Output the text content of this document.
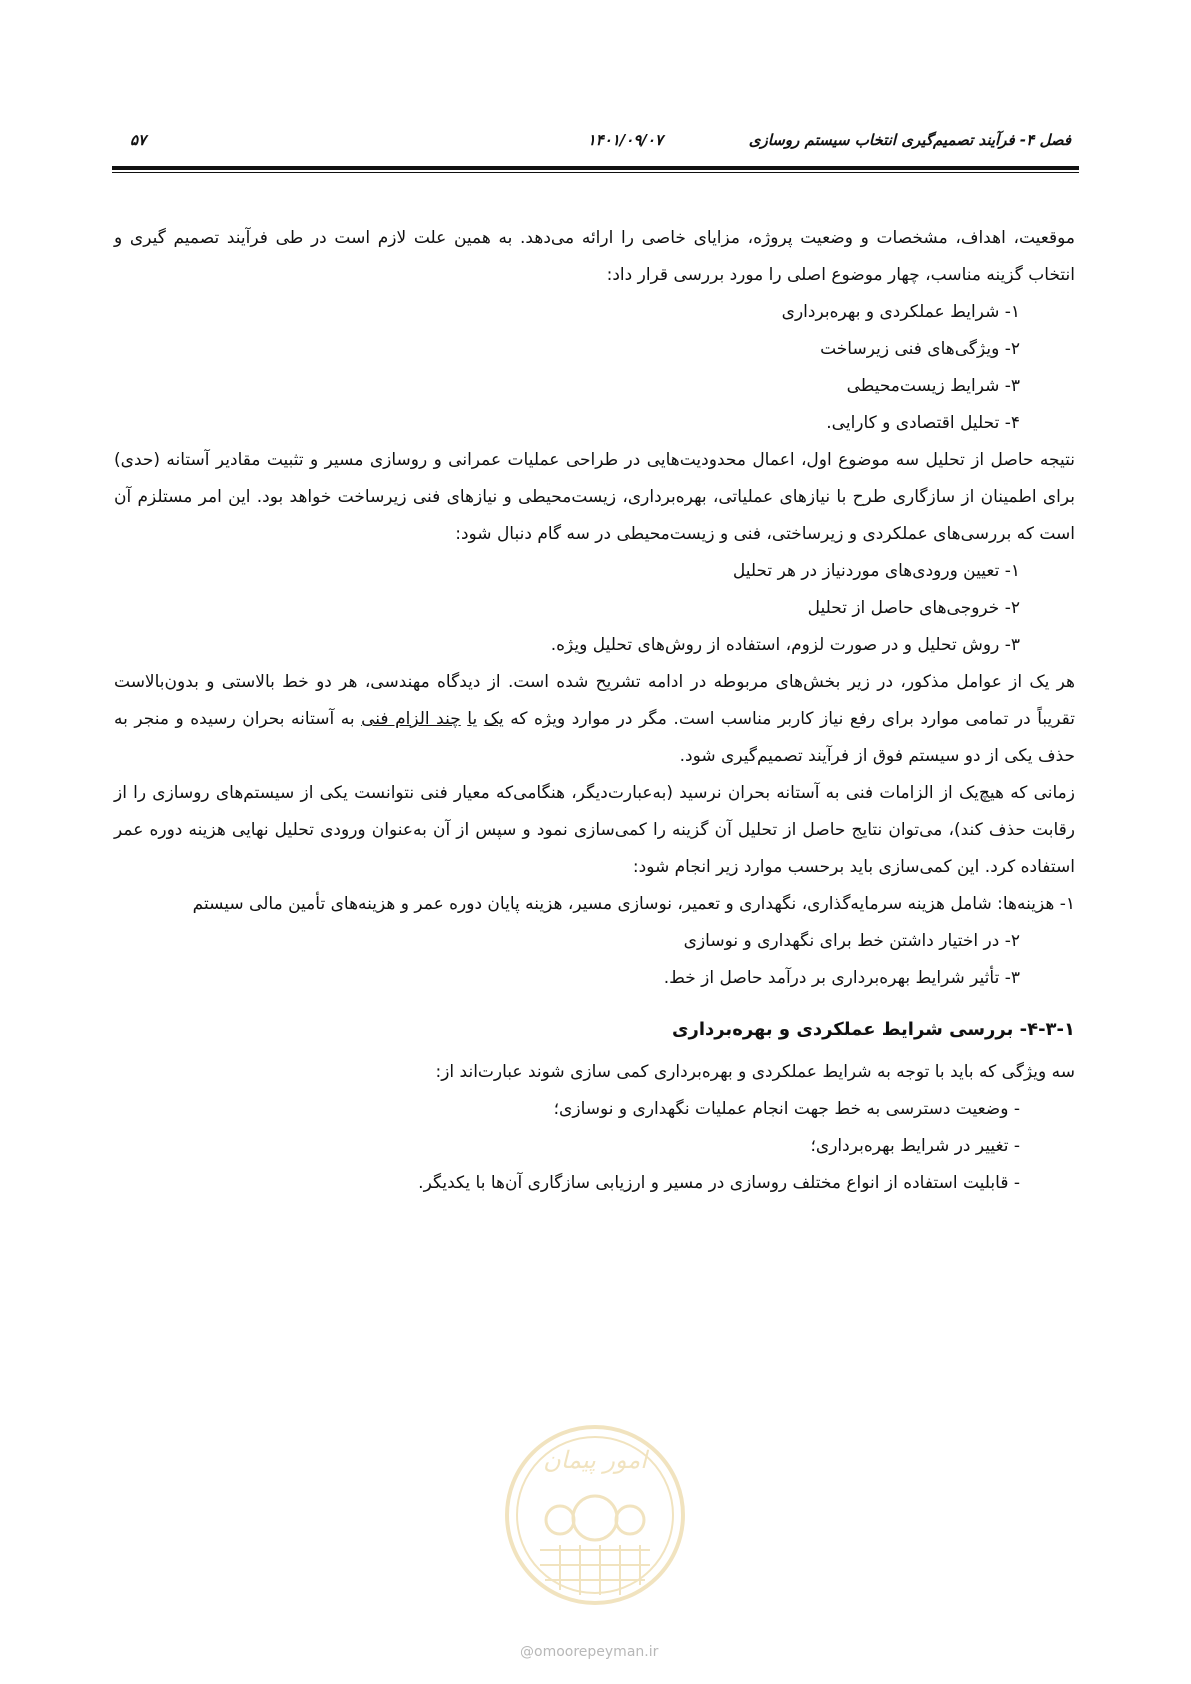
فصل ۴- فرآیند تصمیم‌گیری انتخاب سیستم روسازی
۱۴۰۱/۰۹/۰۷
۵۷

موقعیت، اهداف، مشخصات و وضعیت پروژه، مزایای خاصی را ارائه می‌دهد. به همین علت لازم است در طی فرآیند تصمیم گیری و انتخاب گزینه مناسب، چهار موضوع اصلی را مورد بررسی قرار داد:

۱- شرایط عملکردی و بهره‌برداری

۲- ویژگی‌های فنی زیرساخت

۳- شرایط زیست‌محیطی

۴- تحلیل اقتصادی و کارایی.

نتیجه حاصل از تحلیل سه موضوع اول، اعمال محدودیت‌هایی در طراحی عملیات عمرانی و روسازی مسیر و تثبیت مقادیر آستانه (حدی) برای اطمینان از سازگاری طرح با نیازهای عملیاتی، بهره‌برداری، زیست‌محیطی و نیازهای فنی زیرساخت خواهد بود. این امر مستلزم آن است که بررسی‌های عملکردی و زیرساختی، فنی و زیست‌محیطی در سه گام دنبال شود:

۱- تعیین ورودی‌های موردنیاز در هر تحلیل

۲- خروجی‌های حاصل از تحلیل

۳- روش تحلیل و در صورت لزوم، استفاده از روش‌های تحلیل ویژه.

هر یک از عوامل مذکور، در زیر بخش‌های مربوطه در ادامه تشریح شده است. از دیدگاه مهندسی، هر دو خط بالاستی و بدون‌بالاست تقریباً در تمامی موارد برای رفع نیاز کاربر مناسب است. مگر در موارد ویژه که یک یا چند الزام فنی به آستانه بحران رسیده و منجر به حذف یکی از دو سیستم فوق از فرآیند تصمیم‌گیری شود.

زمانی که هیچ‌یک از الزامات فنی به آستانه بحران نرسید (به‌عبارت‌دیگر، هنگامی‌که معیار فنی نتوانست یکی از سیستم‌های روسازی را از رقابت حذف کند)، می‌توان نتایج حاصل از تحلیل آن گزینه را کمی‌سازی نمود و سپس از آن به‌عنوان ورودی تحلیل نهایی هزینه دوره عمر استفاده کرد. این کمی‌سازی باید برحسب موارد زیر انجام شود:

۱- هزینه‌ها: شامل هزینه سرمایه‌گذاری، نگهداری و تعمیر، نوسازی مسیر، هزینه پایان دوره عمر و هزینه‌های تأمین مالی سیستم

۲- در اختیار داشتن خط برای نگهداری و نوسازی

۳- تأثیر شرایط بهره‌برداری بر درآمد حاصل از خط.

۴-۳-۱- بررسی شرایط عملکردی و بهره‌برداری

سه ویژگی که باید با توجه به شرایط عملکردی و بهره‌برداری کمی سازی شوند عبارت‌اند از:

- وضعیت دسترسی به خط جهت انجام عملیات نگهداری و نوسازی؛

- تغییر در شرایط بهره‌برداری؛

- قابلیت استفاده از انواع مختلف روسازی در مسیر و ارزیابی سازگاری آن‌ها با یکدیگر.

امور پیمان
@omoorepeyman.ir
